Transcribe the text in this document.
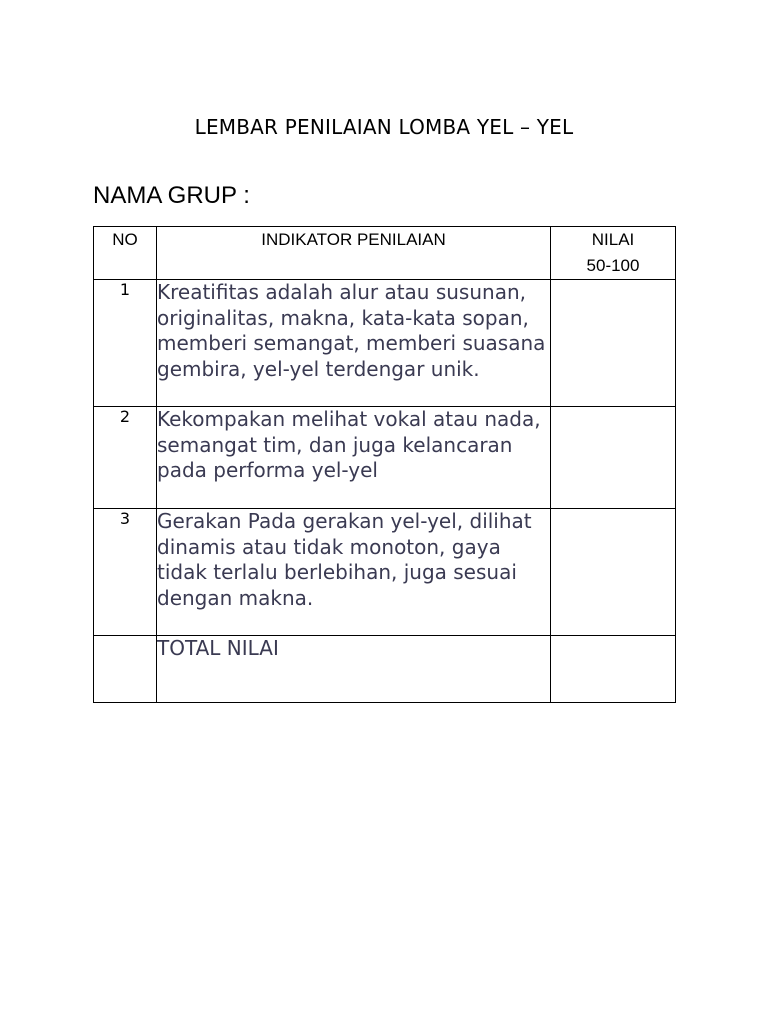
LEMBAR PENILAIAN LOMBA YEL – YEL
NAMA GRUP :
NO	INDIKATOR PENILAIAN	NILAI
50-100

1	Kreatifitas adalah alur atau susunan, originalitas, makna, kata-kata sopan, memberi semangat, memberi suasana gembira, yel-yel terdengar unik.	
2	Kekompakan melihat vokal atau nada, semangat tim, dan juga kelancaran pada performa yel-yel	
3	Gerakan Pada gerakan yel-yel, dilihat dinamis atau tidak monoton, gaya tidak terlalu berlebihan, juga sesuai dengan makna.	
	TOTAL NILAI	
